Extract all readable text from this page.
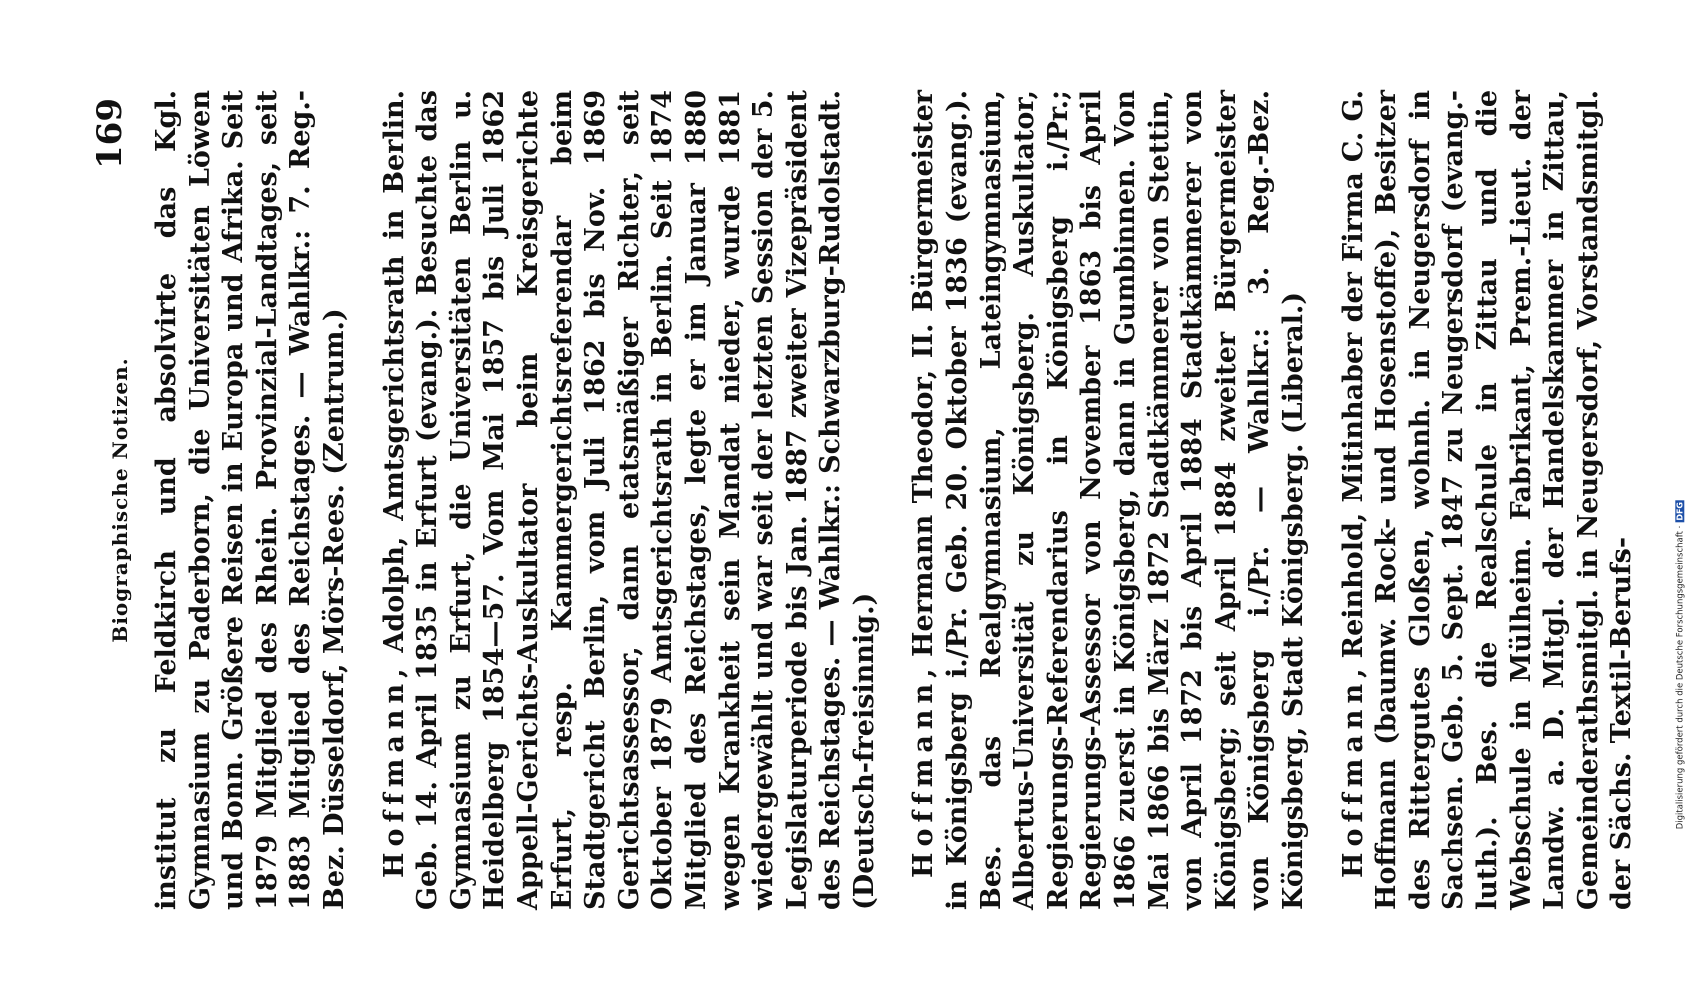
Biographische Notizen.
169 institut zu Feldkirch und absolvirte das Kgl. Gymnasium zu Paderborn, die Universitäten Löwen und Bonn. Größere Reisen in Europa und Afrika. Seit 1879 Mitglied des Rhein. Provinzial-Landtages, seit 1883 Mitglied des Reichstages. — Wahlkr.: 7. Reg.-Bez. Düsseldorf, Mörs-Rees. (Zentrum.) Hoffmann, Adolph, Amtsgerichtsrath in Berlin. Geb. 14. April 1835 in Erfurt (evang.). Besuchte das Gymnasium zu Erfurt, die Universitäten Berlin u. Heidelberg 1854—57. Vom Mai 1857 bis Juli 1862 Appell-Gerichts-Auskultator beim Kreisgerichte Erfurt, resp. Kammergerichtsreferendar beim Stadtgericht Berlin, vom Juli 1862 bis Nov. 1869 Gerichtsassessor, dann etatsmäßiger Richter, seit Oktober 1879 Amtsgerichtsrath in Berlin. Seit 1874 Mitglied des Reichstages, legte er im Januar 1880 wegen Krankheit sein Mandat nieder, wurde 1881 wiedergewählt und war seit der letzten Session der 5. Legislaturperiode bis Jan. 1887 zweiter Vizepräsident des Reichstages. — Wahlkr.: Schwarzburg-Rudolstadt. (Deutsch-freisinnig.) Hoffmann, Hermann Theodor, II. Bürgermeister in Königsberg i./Pr. Geb. 20. Oktober 1836 (evang.). Bes. das Realgymnasium, Lateingymnasium, Albertus-Universität zu Königsberg. Auskultator, Regierungs-Referendarius in Königsberg i./Pr.; Regierungs-Assessor von November 1863 bis April 1866 zuerst in Königsberg, dann in Gumbinnen. Von Mai 1866 bis März 1872 Stadtkämmerer von Stettin, von April 1872 bis April 1884 Stadtkämmerer von Königsberg; seit April 1884 zweiter Bürgermeister von Königsberg i./Pr. — Wahlkr.: 3. Reg.-Bez. Königsberg, Stadt Königsberg. (Liberal.) Hoffmann, Reinhold, Mitinhaber der Firma C. G. Hoffmann (baumw. Rock- und Hosenstoffe), Besitzer des Rittergutes Gloßen, wohnh. in Neugersdorf in Sachsen. Geb. 5. Sept. 1847 zu Neugersdorf (evang.-luth.). Bes. die Realschule in Zittau und die Webschule in Mülheim. Fabrikant, Prem.-Lieut. der Landw. a. D. Mitgl. der Handelskammer in Zittau, Gemeinderathsmitgl. in Neugersdorf, Vorstandsmitgl. der Sächs. Textil-Berufs-	Digitalisierung gefördert durch die Deutsche Forschungsgemeinschaft ·DFG
